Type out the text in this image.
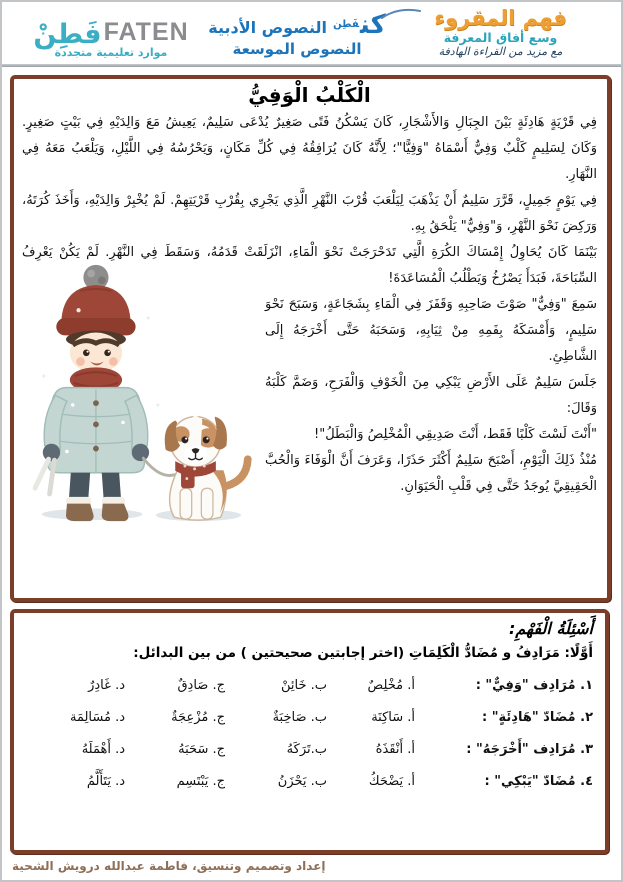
فَطِنْ FATEN
موارد تعليمية متجددة
كن$^{فَطِن}$ النصوص الأدبية
النصوص الموسعة
فهم المقروء
وسع أفاق المعرفة
مع مزيد من القراءة الهادفة
الْكَلْبُ الْوَفِيُّ

فِي قَرْيَةٍ هَادِئَةٍ بَيْنَ الجِبَالِ وَالأَشْجَارِ، كَانَ يَسْكُنُ فَتًى صَغِيرٌ يُدْعَى سَلِيمٌ، يَعِيشُ مَعَ وَالِدَيْهِ فِي بَيْتٍ صَغِيرٍ. وَكَانَ لِسَلِيمٍ كَلْبٌ وَفِيٌّ أَسْمَاهُ "وَفِيًّا"؛ لِأَنَّهُ كَانَ يُرَافِقُهُ فِي كُلِّ مَكَانٍ، وَيَحْرُسُهُ فِي اللَّيْلِ، وَيَلْعَبُ مَعَهُ فِي النَّهَارِ.

فِي يَوْمٍ جَمِيلٍ، قَرَّرَ سَلِيمٌ أَنْ يَذْهَبَ لِيَلْعَبَ قُرْبَ النَّهْرِ الَّذِي يَجْرِي بِقُرْبِ قَرْيَتِهِمْ. لَمْ يُخْبِرْ وَالِدَيْهِ، وَأَخَذَ كُرَتَهُ، وَرَكِضَ نَحْوَ النَّهْرِ، وَ"وَفِيٌّ" يَلْحَقُ بِهِ.

بَيْنَمَا كَانَ يُحَاوِلُ إِمْسَاكَ الكُرَةِ الَّتِي تَدَحْرَجَتْ نَحْوَ الْمَاءِ، انْزَلَقَتْ قَدَمُهُ، وَسَقَطَ فِي النَّهْرِ. لَمْ يَكُنْ يَعْرِفُ السِّبَاحَةَ، فَبَدَأَ يَصْرُخُ وَيَطْلُبُ الْمُسَاعَدَةَ!

سَمِعَ "وَفِيٌّ" صَوْتَ صَاحِبِهِ وَقَفَزَ فِي الْمَاءِ بِشَجَاعَةٍ، وَسَبَحَ نَحْوَ سَلِيمٍ، وَأَمْسَكَهُ بِفَمِهِ مِنْ ثِيَابِهِ، وَسَحَبَهُ حَتَّى أَخْرَجَهُ إِلَى الشَّاطِئِ.

جَلَسَ سَلِيمٌ عَلَى الأَرْضِ يَبْكِي مِنَ الْخَوْفِ وَالْفَرَحِ، وَضَمَّ كَلْبَهُ وَقَالَ:

"أَنْتَ لَسْتَ كَلْبًا فَقَط، أَنْتَ صَدِيقِي الْمُخْلِصُ وَالْبَطَلُ"!

مُنْذُ ذَلِكَ الْيَوْمِ، أَصْبَحَ سَلِيمٌ أَكْثَرَ حَذَرًا، وَعَرَفَ أَنَّ الْوَفَاءَ وَالْحُبَّ الْحَقِيقِيَّ يُوجَدُ حَتَّى فِي قَلْبِ الْحَيَوَانِ.

أَسْئِلَةُ الْفَهْمِ:
أَوَّلًا: مَرَادِفُ و مُضَادُّ الْكَلِمَاتِ (اختر إجابتين صحيحتين ) من بين البدائل:
١. مُرَادِف "وَفِيٌّ" :
أ. مُخْلِصٌ
ب. خَائِنْ
ج. صَادِقٌ
د. غَادِرٌ
٢. مُضَادّ "هَادِئَةٍ" :
أ. سَاكِنَة
ب. صَاخِبَةٌ
ج. مُزْعِجَةٌ
د. مُسَالِمَة
٣. مُرَادِف "أَخْرَجَهُ" :
أ. أَنْقَذَهُ
ب.تَرَكَهُ
ج. سَحَبَهُ
د. أَهْمَلَهُ
٤. مُضَادّ "يَبْكِي" :
أ. يَضْحَكُ
ب. يَحْزَنُ
ج. يَبْتَسِم
د. يَتَأَلَّمُ
إعداد وتصميم وتنسيق، فاطمة عبدالله درويش الشحية
